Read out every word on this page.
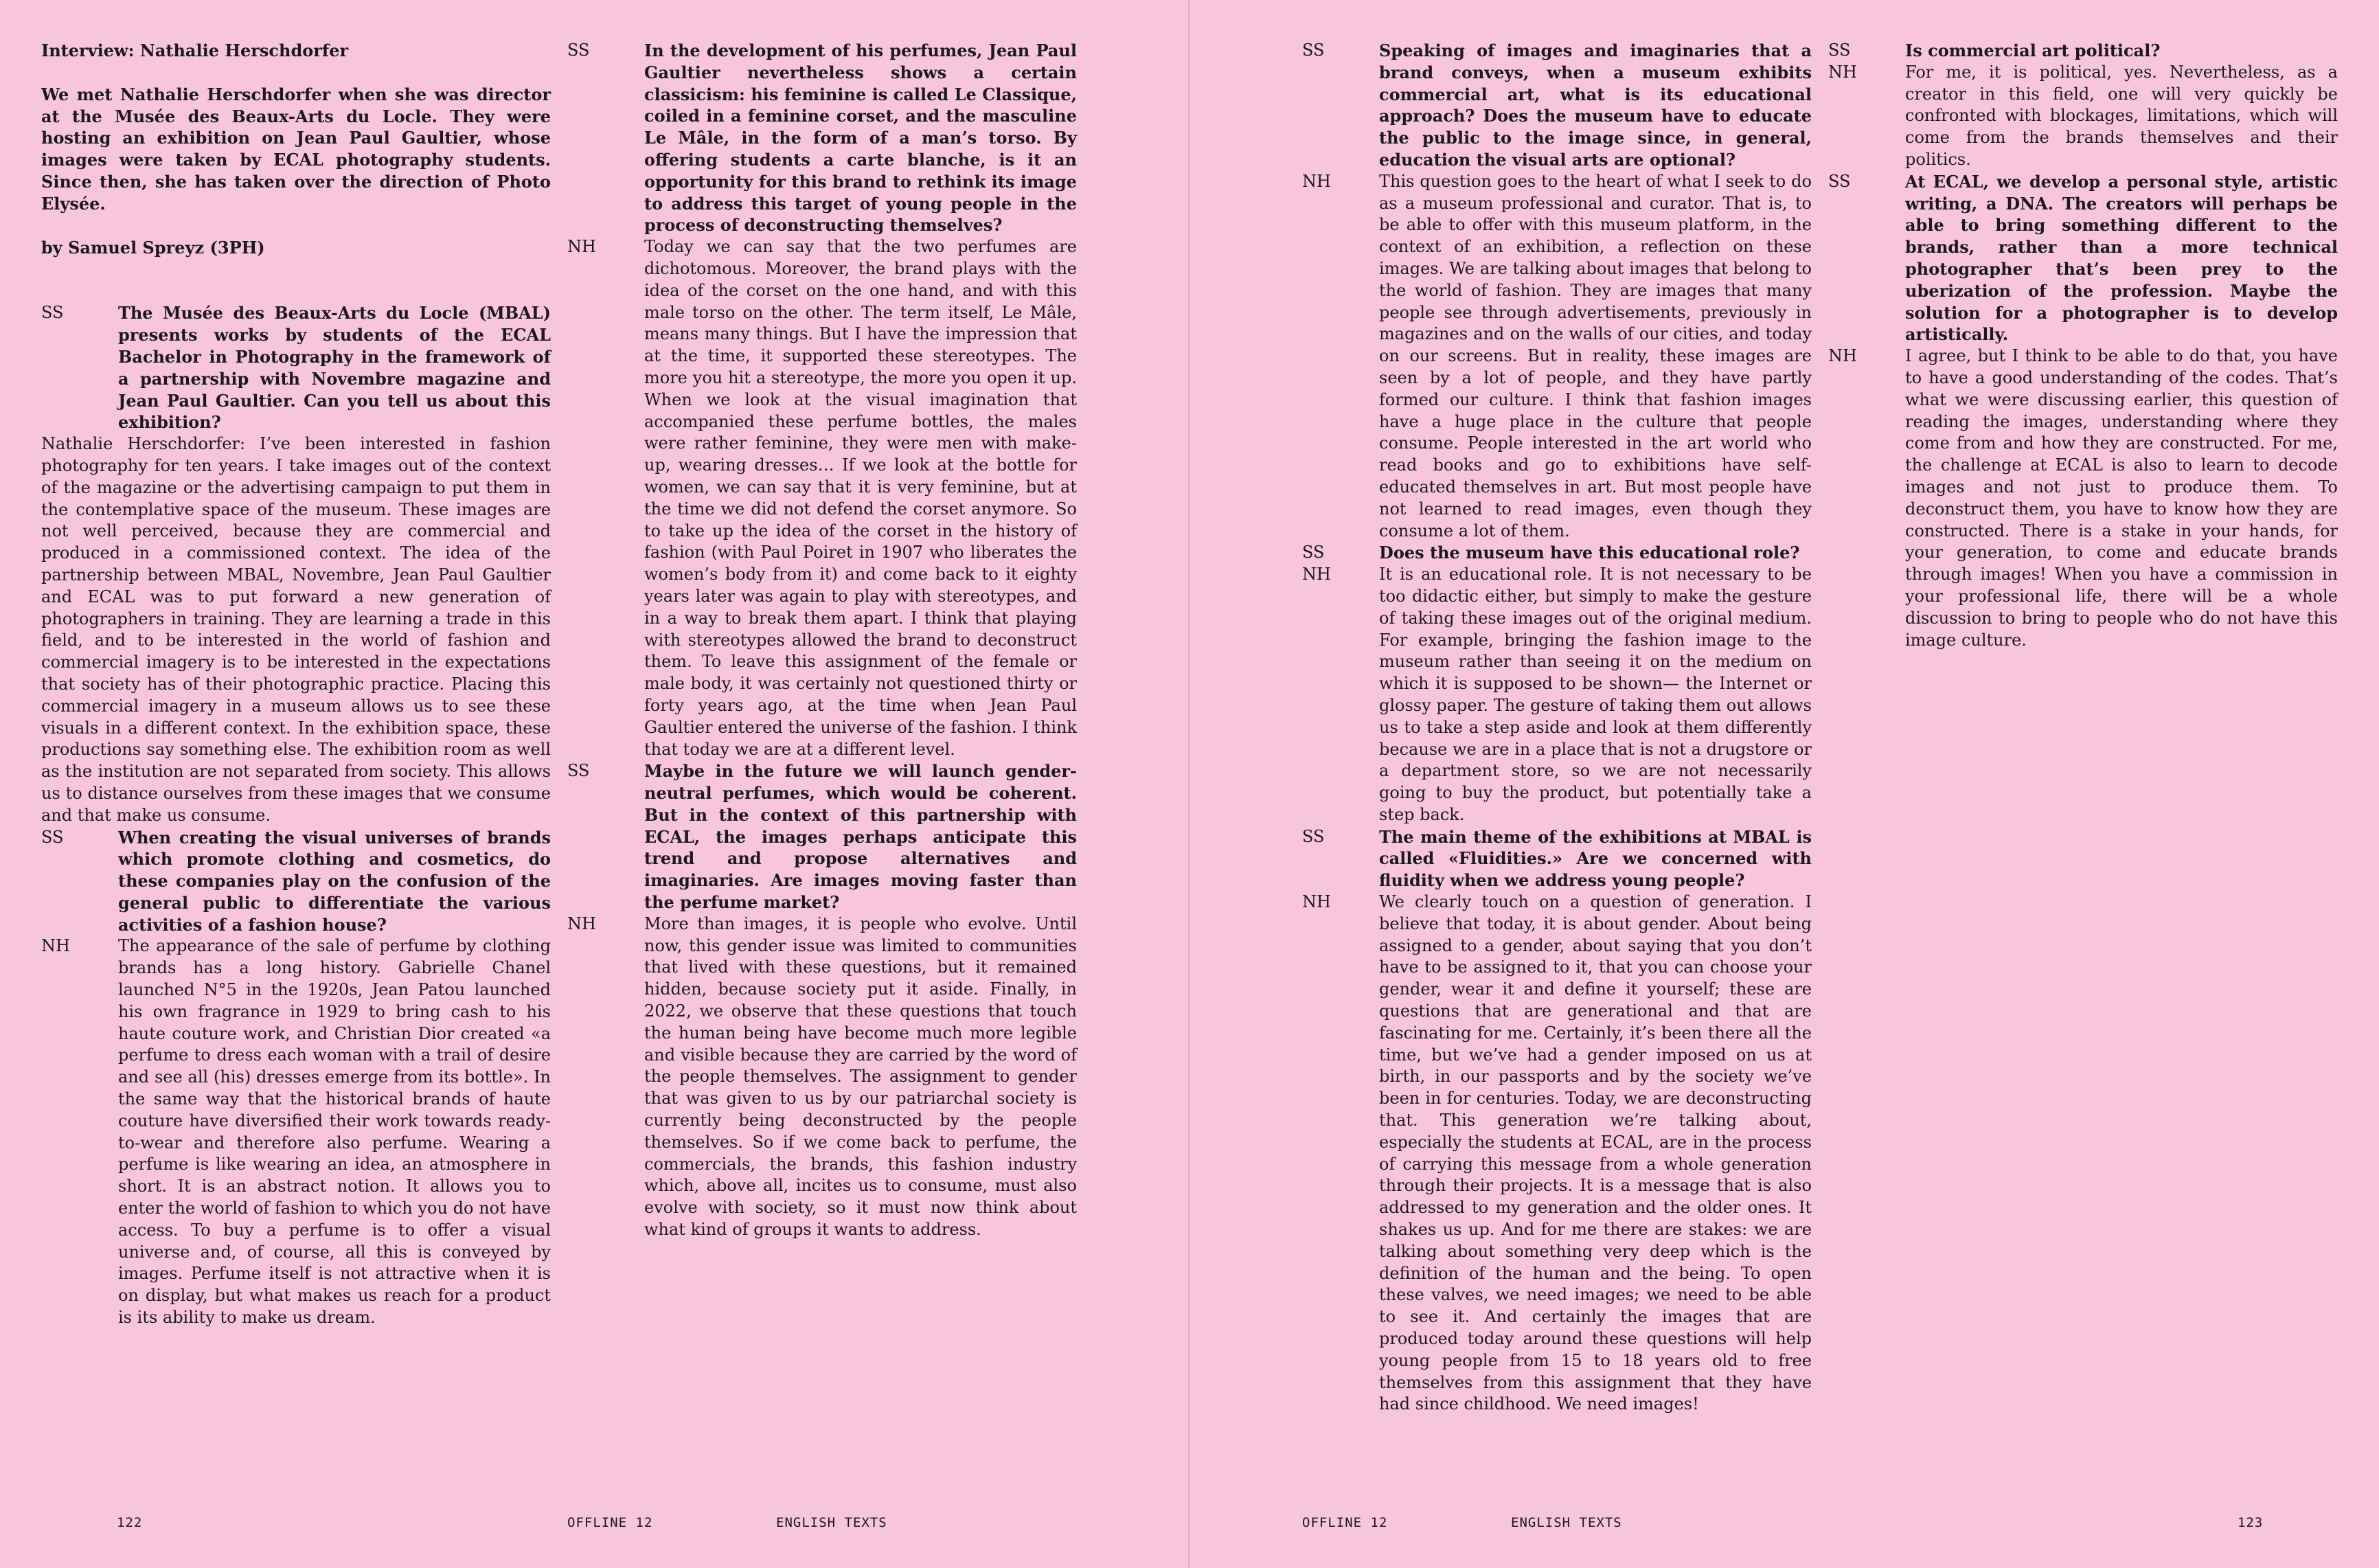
Interview: Nathalie Herschdorfer

We met Nathalie Herschdorfer when she was director at the Musée des Beaux-Arts du Locle. They were hosting an exhibition on Jean Paul Gaultier, whose images were taken by ECAL photography students. Since then, she has taken over the direction of Photo Elysée.

by Samuel Spreyz (3PH)

SS	The Musée des Beaux-Arts du Locle (MBAL) presents works by students of the ECAL Bachelor in Photography in the framework of a partnership with Novembre magazine and Jean Paul Gaultier. Can you tell us about this exhibition?

Nathalie Herschdorfer: I’ve been interested in fashion photography for ten years. I take images out of the context of the magazine or the advertising campaign to put them in the contemplative space of the museum. These images are not well perceived, because they are commercial and produced in a commissioned context. The idea of the partnership between MBAL, Novembre, Jean Paul Gaultier and ECAL was to put forward a new generation of photographers in training. They are learning a trade in this field, and to be interested in the world of fashion and commercial imagery is to be interested in the expectations that society has of their photographic practice. Placing this commercial imagery in a museum allows us to see these visuals in a different context. In the exhibition space, these productions say something else. The exhibition room as well as the institution are not separated from society. This allows us to distance ourselves from these images that we consume and that make us consume.

SS	When creating the visual universes of brands which promote clothing and cosmetics, do these companies play on the confusion of the general public to differentiate the various activities of a fashion house?
NH	The appearance of the sale of perfume by clothing brands has a long history. Gabrielle Chanel launched N°5 in the 1920s, Jean Patou launched his own fragrance in 1929 to bring cash to his haute couture work, and Christian Dior created «a perfume to dress each woman with a trail of desire and see all (his) dresses emerge from its bottle». In the same way that the historical brands of haute couture have diversified their work towards ready-to-wear and therefore also perfume. Wearing a perfume is like wearing an idea, an atmosphere in short. It is an abstract notion. It allows you to enter the world of fashion to which you do not have access. To buy a perfume is to offer a visual universe and, of course, all this is conveyed by images. Perfume itself is not attractive when it is on display, but what makes us reach for a product is its ability to make us dream.
SS	In the development of his perfumes, Jean Paul Gaultier nevertheless shows a certain classicism: his feminine is called Le Classique, coiled in a feminine corset, and the masculine Le Mâle, in the form of a man’s torso. By offering students a carte blanche, is it an opportunity for this brand to rethink its image to address this target of young people in the process of deconstructing themselves?
NH	Today we can say that the two perfumes are dichotomous. Moreover, the brand plays with the idea of the corset on the one hand, and with this male torso on the other. The term itself, Le Mâle, means many things. But I have the impression that at the time, it supported these stereotypes. The more you hit a stereotype, the more you open it up. When we look at the visual imagination that accompanied these perfume bottles, the males were rather feminine, they were men with make-up, wearing dresses… If we look at the bottle for women, we can say that it is very feminine, but at the time we did not defend the corset anymore. So to take up the idea of the corset in the history of fashion (with Paul Poiret in 1907 who liberates the women’s body from it) and come back to it eighty years later was again to play with stereotypes, and in a way to break them apart. I think that playing with stereotypes allowed the brand to deconstruct them. To leave this assignment of the female or male body, it was certainly not questioned thirty or forty years ago, at the time when Jean Paul Gaultier entered the universe of the fashion. I think that today we are at a different level.
SS	Maybe in the future we will launch gender-neutral perfumes, which would be coherent. But in the context of this partnership with ECAL, the images perhaps anticipate this trend and propose alternatives and imaginaries. Are images moving faster than the perfume market?
NH	More than images, it is people who evolve. Until now, this gender issue was limited to communities that lived with these questions, but it remained hidden, because society put it aside. Finally, in 2022, we observe that these questions that touch the human being have become much more legible and visible because they are carried by the word of the people themselves. The assignment to gender that was given to us by our patriarchal society is currently being deconstructed by the people themselves. So if we come back to perfume, the commercials, the brands, this fashion industry which, above all, incites us to consume, must also evolve with society, so it must now think about what kind of groups it wants to address.
SS	Speaking of images and imaginaries that a brand conveys, when a museum exhibits commercial art, what is its educational approach? Does the museum have to educate the public to the image since, in general, education the visual arts are optional?
NH	This question goes to the heart of what I seek to do as a museum professional and curator. That is, to be able to offer with this museum platform, in the context of an exhibition, a reflection on these images. We are talking about images that belong to the world of fashion. They are images that many people see through advertisements, previously in magazines and on the walls of our cities, and today on our screens. But in reality, these images are seen by a lot of people, and they have partly formed our culture. I think that fashion images have a huge place in the culture that people consume. People interested in the art world who read books and go to exhibitions have self-educated themselves in art. But most people have not learned to read images, even though they consume a lot of them.
SS	Does the museum have this educational role?
NH	It is an educational role. It is not necessary to be too didactic either, but simply to make the gesture of taking these images out of the original medium. For example, bringing the fashion image to the museum rather than seeing it on the medium on which it is supposed to be shown— the Internet or glossy paper. The gesture of taking them out allows us to take a step aside and look at them differently because we are in a place that is not a drugstore or a department store, so we are not necessarily going to buy the product, but potentially take a step back.
SS	The main theme of the exhibitions at MBAL is called «Fluidities.» Are we concerned with fluidity when we address young people?
NH	We clearly touch on a question of generation. I believe that today, it is about gender. About being assigned to a gender, about saying that you don’t have to be assigned to it, that you can choose your gender, wear it and define it yourself; these are questions that are generational and that are fascinating for me. Certainly, it’s been there all the time, but we’ve had a gender imposed on us at birth, in our passports and by the society we’ve been in for centuries. Today, we are deconstructing that. This generation we’re talking about, especially the students at ECAL, are in the process of carrying this message from a whole generation through their projects. It is a message that is also addressed to my generation and the older ones. It shakes us up. And for me there are stakes: we are talking about something very deep which is the definition of the human and the being. To open these valves, we need images; we need to be able to see it. And certainly the images that are produced today around these questions will help young people from 15 to 18 years old to free themselves from this assignment that they have had since childhood. We need images!
SS	Is commercial art political?
NH	For me, it is political, yes. Nevertheless, as a creator in this field, one will very quickly be confronted with blockages, limitations, which will come from the brands themselves and their politics.
SS	At ECAL, we develop a personal style, artistic writing, a DNA. The creators will perhaps be able to bring something different to the brands, rather than a more technical photographer that’s been prey to the uberization of the profession. Maybe the solution for a photographer is to develop artistically.
NH	I agree, but I think to be able to do that, you have to have a good understanding of the codes. That’s what we were discussing earlier, this question of reading the images, understanding where they come from and how they are constructed. For me, the challenge at ECAL is also to learn to decode images and not just to produce them. To deconstruct them, you have to know how they are constructed. There is a stake in your hands, for your generation, to come and educate brands through images! When you have a commission in your professional life, there will be a whole discussion to bring to people who do not have this image culture.
122	OFFLINE 12	ENGLISH TEXTS	OFFLINE 12	ENGLISH TEXTS	123
